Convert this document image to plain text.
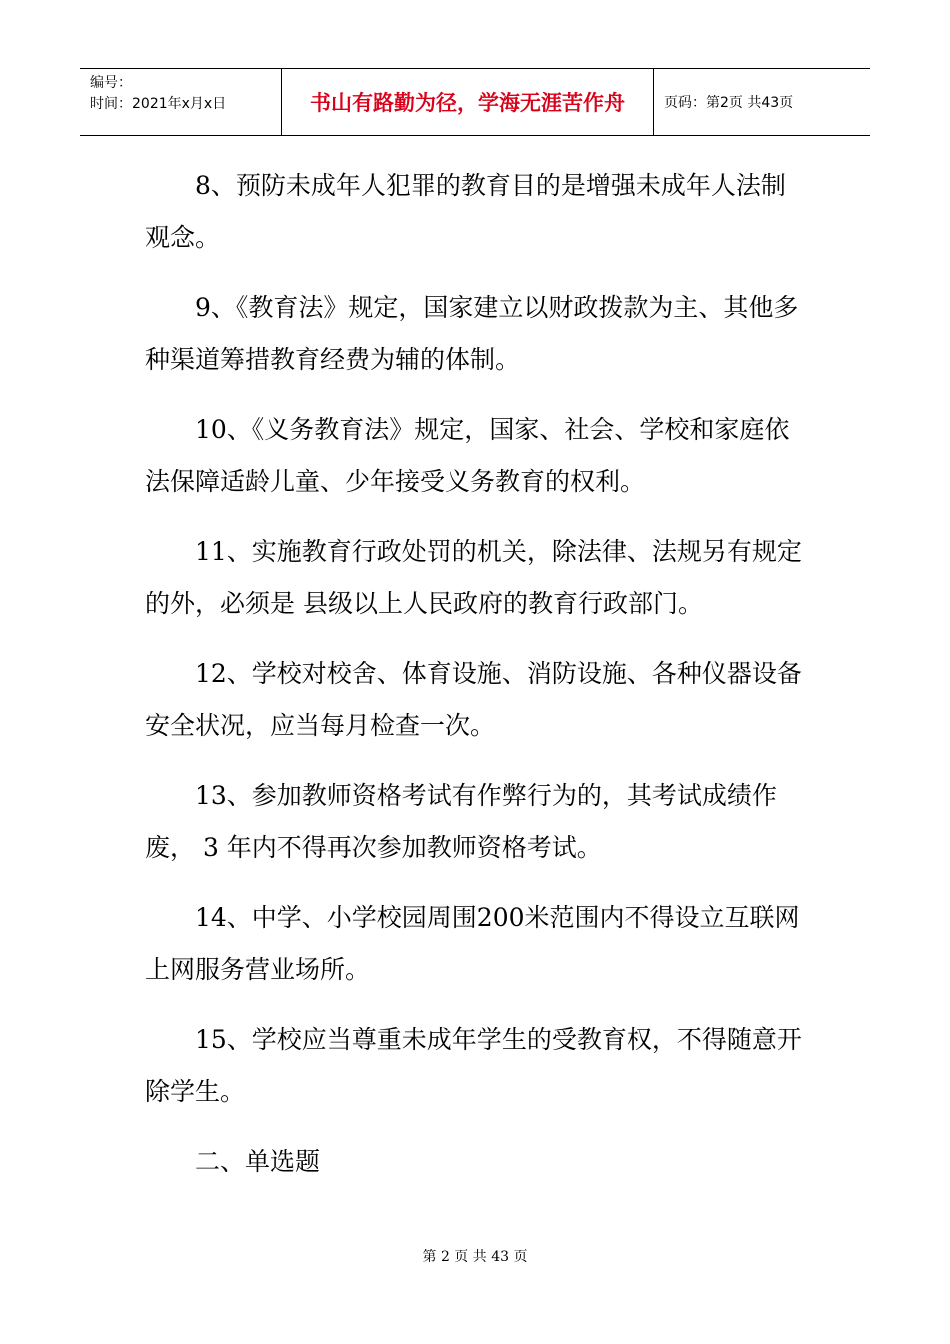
编号：
时间：2021年x月x日	书山有路勤为径，学海无涯苦作舟	页码：第2页 共43页

8、预防未成年人犯罪的教育目的是增强未成年人法制观念。

9、《教育法》规定，国家建立以财政拨款为主、其他多种渠道筹措教育经费为辅的体制。

10、《义务教育法》规定，国家、社会、学校和家庭依法保障适龄儿童、少年接受义务教育的权利。

11、实施教育行政处罚的机关，除法律、法规另有规定的外，必须是 县级以上人民政府的教育行政部门。

12、学校对校舍、体育设施、消防设施、各种仪器设备安全状况，应当每月检查一次。

13、参加教师资格考试有作弊行为的，其考试成绩作废， 3 年内不得再次参加教师资格考试。

14、中学、小学校园周围200米范围内不得设立互联网上网服务营业场所。

15、学校应当尊重未成年学生的受教育权，不得随意开除学生。

二、单选题

第 2 页 共 43 页
